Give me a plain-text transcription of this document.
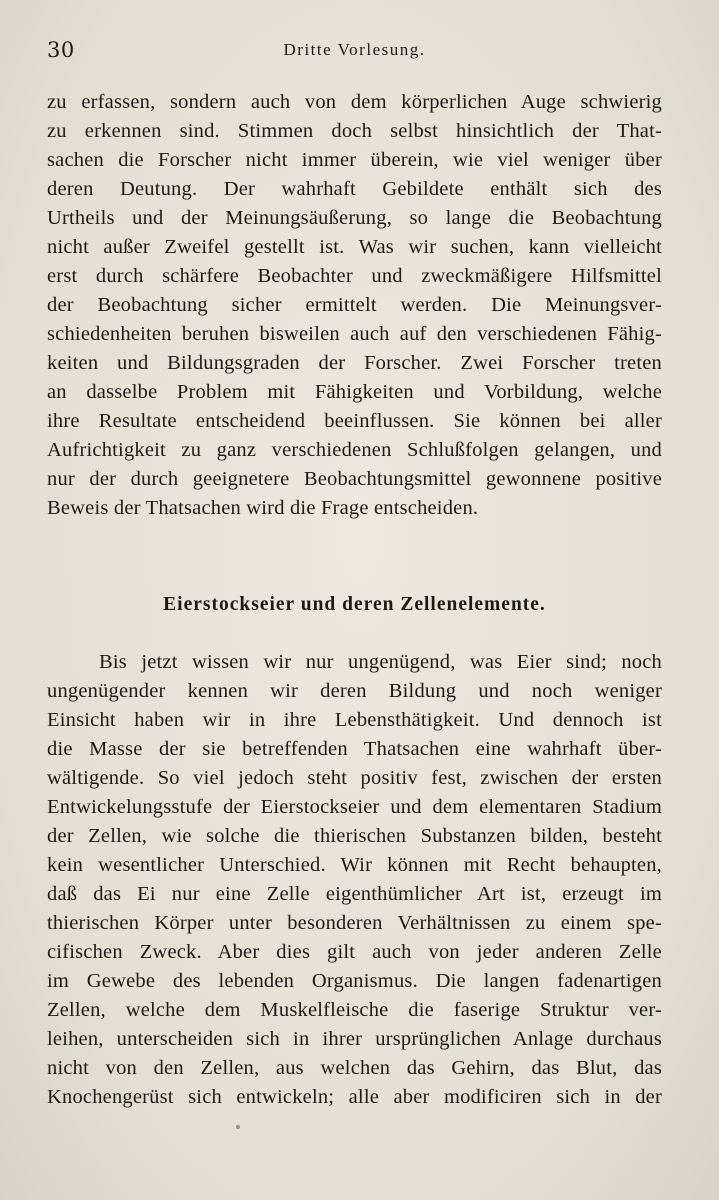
30	Dritte Vorlesung.

zu erfassen, sondern auch von dem körperlichen Auge schwierig
zu erkennen sind. Stimmen doch selbst hinsichtlich der That-
sachen die Forscher nicht immer überein, wie viel weniger über
deren Deutung. Der wahrhaft Gebildete enthält sich des
Urtheils und der Meinungsäußerung, so lange die Beobachtung
nicht außer Zweifel gestellt ist. Was wir suchen, kann vielleicht
erst durch schärfere Beobachter und zweckmäßigere Hilfsmittel
der Beobachtung sicher ermittelt werden. Die Meinungsver-
schiedenheiten beruhen bisweilen auch auf den verschiedenen Fähig-
keiten und Bildungsgraden der Forscher. Zwei Forscher treten
an dasselbe Problem mit Fähigkeiten und Vorbildung, welche
ihre Resultate entscheidend beeinflussen. Sie können bei aller
Aufrichtigkeit zu ganz verschiedenen Schlußfolgen gelangen, und
nur der durch geeignetere Beobachtungsmittel gewonnene positive
Beweis der Thatsachen wird die Frage entscheiden.

Eierstockseier und deren Zellenelemente.

Bis jetzt wissen wir nur ungenügend, was Eier sind; noch
ungenügender kennen wir deren Bildung und noch weniger
Einsicht haben wir in ihre Lebensthätigkeit. Und dennoch ist
die Masse der sie betreffenden Thatsachen eine wahrhaft über-
wältigende. So viel jedoch steht positiv fest, zwischen der ersten
Entwickelungsstufe der Eierstockseier und dem elementaren Stadium
der Zellen, wie solche die thierischen Substanzen bilden, besteht
kein wesentlicher Unterschied. Wir können mit Recht behaupten,
daß das Ei nur eine Zelle eigenthümlicher Art ist, erzeugt im
thierischen Körper unter besonderen Verhältnissen zu einem spe-
cifischen Zweck. Aber dies gilt auch von jeder anderen Zelle
im Gewebe des lebenden Organismus. Die langen fadenartigen
Zellen, welche dem Muskelfleische die faserige Struktur ver-
leihen, unterscheiden sich in ihrer ursprünglichen Anlage durchaus
nicht von den Zellen, aus welchen das Gehirn, das Blut, das
Knochengerüst sich entwickeln; alle aber modificiren sich in der
